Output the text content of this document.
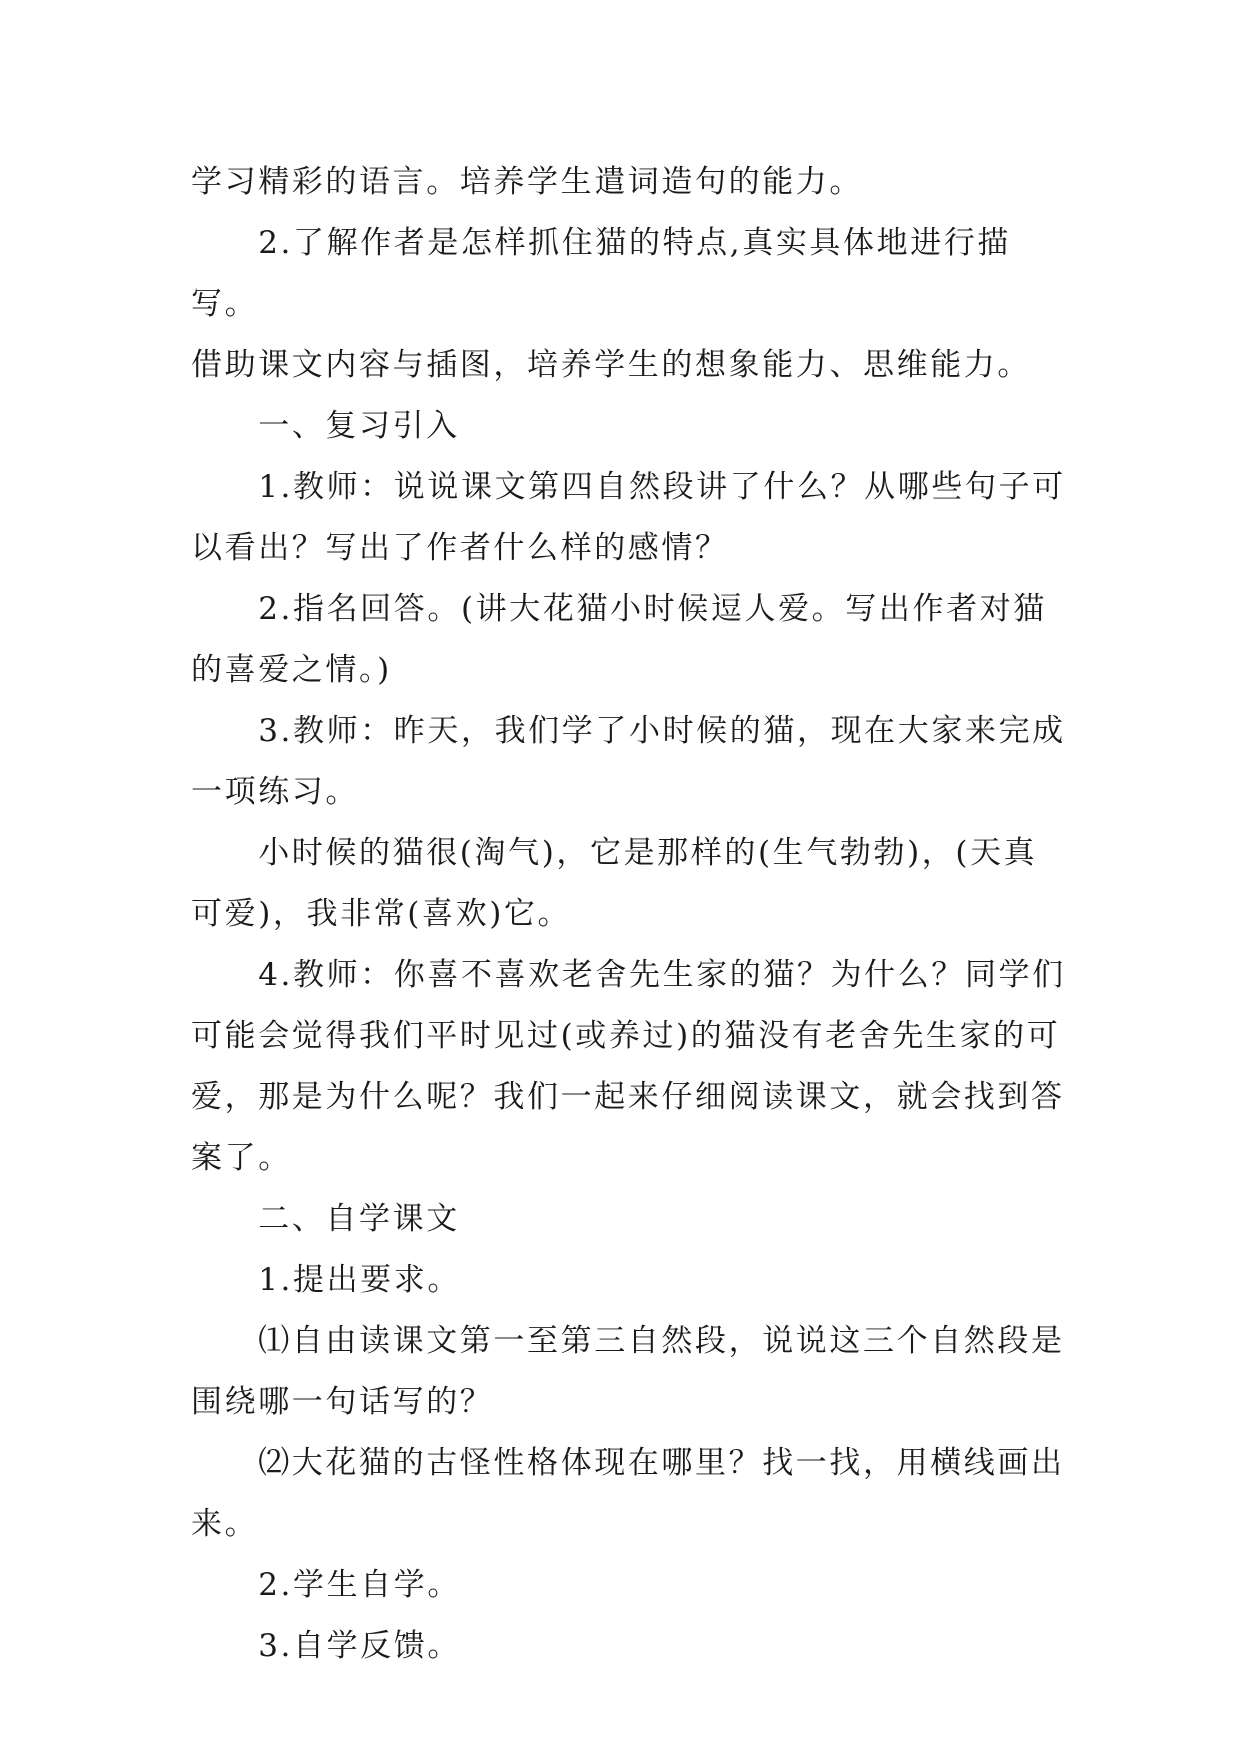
学习精彩的语言。培养学生遣词造句的能力。

　　2.了解作者是怎样抓住猫的特点,真实具体地进行描写。

借助课文内容与插图，培养学生的想象能力、思维能力。

　　一、复习引入

　　1.教师：说说课文第四自然段讲了什么？从哪些句子可

以看出？写出了作者什么样的感情？

　　2.指名回答。(讲大花猫小时候逗人爱。写出作者对猫

的喜爱之情。)

　　3.教师：昨天，我们学了小时候的猫，现在大家来完成

一项练习。

　　小时候的猫很(淘气)，它是那样的(生气勃勃)，(天真

可爱)，我非常(喜欢)它。

　　4.教师：你喜不喜欢老舍先生家的猫？为什么？同学们

可能会觉得我们平时见过(或养过)的猫没有老舍先生家的可

爱，那是为什么呢？我们一起来仔细阅读课文，就会找到答

案了。

　　二、自学课文

　　1.提出要求。

　　⑴自由读课文第一至第三自然段，说说这三个自然段是

围绕哪一句话写的？

　　⑵大花猫的古怪性格体现在哪里？找一找，用横线画出

来。

　　2.学生自学。

　　3.自学反馈。
